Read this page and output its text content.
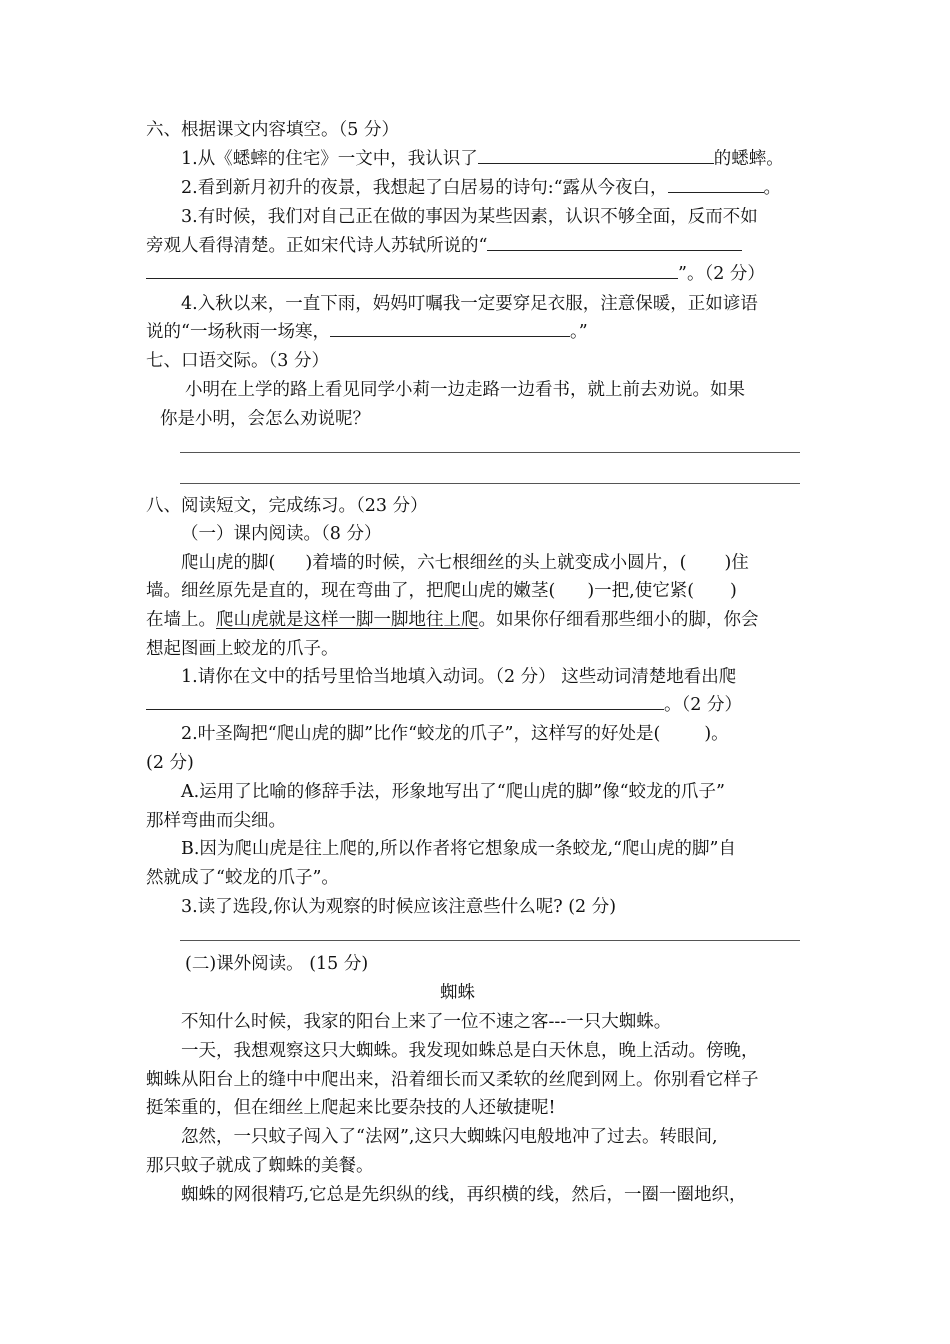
六、根据课文内容填空。（5 分）
1.从《蟋蟀的住宅》一文中，我认识了	的蟋蟀。
2.看到新月初升的夜景，我想起了白居易的诗句:“露从今夜白，	。
3.有时候，我们对自己正在做的事因为某些因素，认识不够全面，反而不如
旁观人看得清楚。正如宋代诗人苏轼所说的“
”。（2 分）
4.入秋以来，一直下雨，妈妈叮嘱我一定要穿足衣服，注意保暖，正如谚语
说的“一场秋雨一场寒，	。”
七、口语交际。（3 分）
小明在上学的路上看见同学小莉一边走路一边看书，就上前去劝说。如果
你是小明，会怎么劝说呢？
八、阅读短文，完成练习。（23 分）
（一）课内阅读。（8 分）
爬山虎的脚( )着墙的时候，六七根细丝的头上就变成小圆片，( )住
墙。细丝原先是直的，现在弯曲了，把爬山虎的嫩茎( )一把,使它紧( )
在墙上。爬山虎就是这样一脚一脚地往上爬。如果你仔细看那些细小的脚，你会
想起图画上蛟龙的爪子。
1.请你在文中的括号里恰当地填入动词。（2 分） 这些动词清楚地看出爬
。（2 分）
2.叶圣陶把“爬山虎的脚”比作“蛟龙的爪子”，这样写的好处是(	)。
(2 分)
A.运用了比喻的修辞手法，形象地写出了“爬山虎的脚”像“蛟龙的爪子”
那样弯曲而尖细。
B.因为爬山虎是往上爬的,所以作者将它想象成一条蛟龙,“爬山虎的脚”自
然就成了“蛟龙的爪子”。
3.读了选段,你认为观察的时候应该注意些什么呢? (2 分)
(二)课外阅读。 (15 分)
蜘蛛
不知什么时候，我家的阳台上来了一位不速之客---一只大蜘蛛。
一天，我想观察这只大蜘蛛。我发现如蛛总是白天休息，晚上活动。傍晚，
蜘蛛从阳台上的缝中中爬出来，沿着细长而又柔软的丝爬到网上。你别看它样子
挺笨重的，但在细丝上爬起来比要杂技的人还敏捷呢!
忽然，一只蚊子闯入了“法网”,这只大蜘蛛闪电般地冲了过去。转眼间,
那只蚊子就成了蜘蛛的美餐。
蜘蛛的网很精巧,它总是先织纵的线，再织横的线，然后，一圈一圈地织，
